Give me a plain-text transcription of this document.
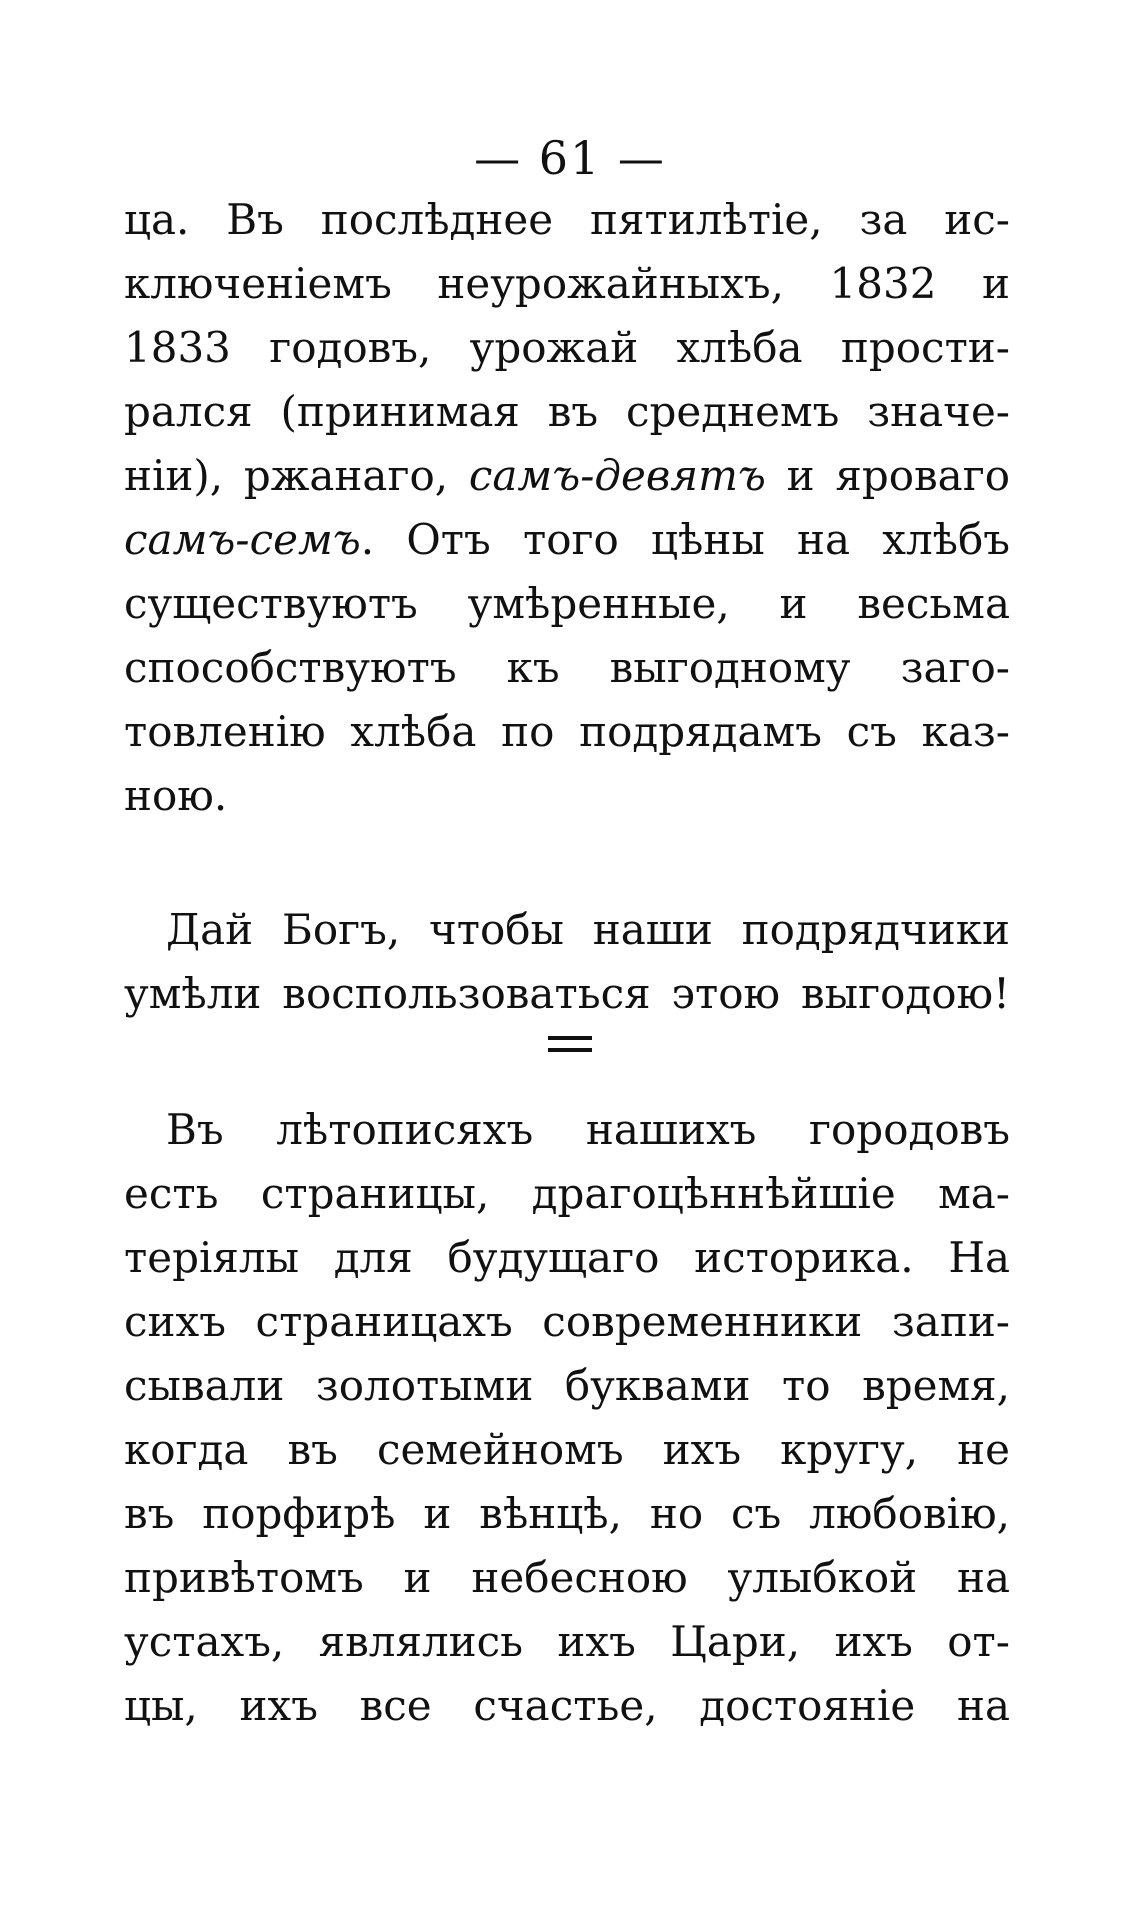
— 61 —
ца. Въ послѣднее пятилѣтіе, за ис-
ключеніемъ неурожайныхъ, 1832 и
1833 годовъ, урожай хлѣба прости-
рался (принимая въ среднемъ значе-
ніи), ржанаго, самъ-девятъ и яроваго
самъ-семъ. Отъ того цѣны на хлѣбъ
существуютъ умѣренные, и весьма
способствуютъ къ выгодному заго-
товленію хлѣба по подрядамъ съ каз-
ною.
Дай Богъ, чтобы наши подрядчики
умѣли воспользоваться этою выгодою!
Въ лѣтописяхъ нашихъ городовъ
есть страницы, драгоцѣннѣйшіе ма-
теріялы для будущаго историка. На
сихъ страницахъ современники запи-
сывали золотыми буквами то время,
когда въ семейномъ ихъ кругу, не
въ порфирѣ и вѣнцѣ, но съ любовію,
привѣтомъ и небесною улыбкой на
устахъ, являлись ихъ Цари, ихъ от-
цы, ихъ все счастье, достояніе на
